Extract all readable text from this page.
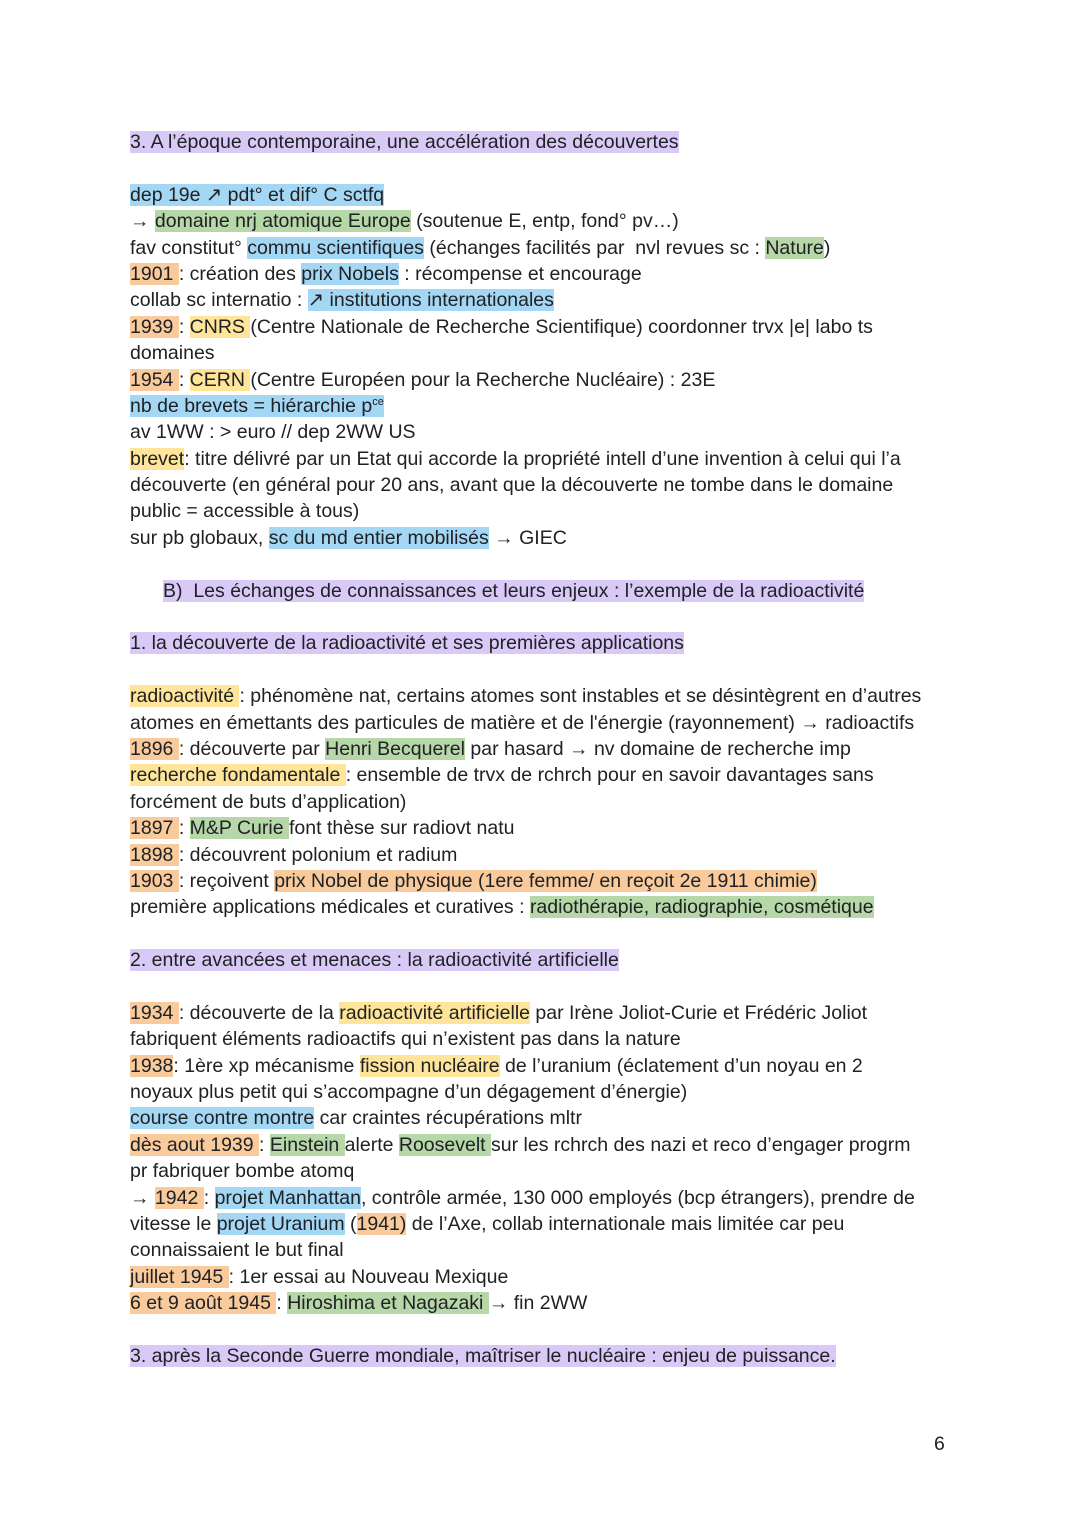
3. A l’époque contemporaine, une accélération des découvertes
dep 19e ↗ pdt° et dif° C sctfq
→ domaine nrj atomique Europe (soutenue E, entp, fond° pv…)
fav constitut° commu scientifiques (échanges facilités par  nvl revues sc : Nature)
1901 : création des prix Nobels : récompense et encourage
collab sc internatio : ↗ institutions internationales
1939 : CNRS (Centre Nationale de Recherche Scientifique) coordonner trvx |e| labo ts
domaines
1954 : CERN (Centre Européen pour la Recherche Nucléaire) : 23E
nb de brevets = hiérarchie $p^{ce}$
av 1WW : > euro // dep 2WW US
brevet: titre délivré par un Etat qui accorde la propriété intell d’une invention à celui qui l’a
découverte (en général pour 20 ans, avant que la découverte ne tombe dans le domaine
public = accessible à tous)
sur pb globaux, sc du md entier mobilisés → GIEC
B)  Les échanges de connaissances et leurs enjeux : l’exemple de la radioactivité
1. la découverte de la radioactivité et ses premières applications
radioactivité : phénomène nat, certains atomes sont instables et se désintègrent en d’autres
atomes en émettants des particules de matière et de l'énergie (rayonnement) → radioactifs
1896 : découverte par Henri Becquerel par hasard → nv domaine de recherche imp
recherche fondamentale : ensemble de trvx de rchrch pour en savoir davantages sans
forcément de buts d’application)
1897 : M&P Curie font thèse sur radiovt natu
1898 : découvrent polonium et radium
1903 : reçoivent prix Nobel de physique (1ere femme/ en reçoit 2e 1911 chimie)
première applications médicales et curatives : radiothérapie, radiographie, cosmétique
2. entre avancées et menaces : la radioactivité artificielle
1934 : découverte de la radioactivité artificielle par Irène Joliot-Curie et Frédéric Joliot
fabriquent éléments radioactifs qui n’existent pas dans la nature
1938: 1ère xp mécanisme fission nucléaire de l’uranium (éclatement d’un noyau en 2
noyaux plus petit qui s’accompagne d’un dégagement d’énergie)
course contre montre car craintes récupérations mltr
dès aout 1939 : Einstein alerte Roosevelt sur les rchrch des nazi et reco d’engager progrm
pr fabriquer bombe atomq
→ 1942 : projet Manhattan, contrôle armée, 130 000 employés (bcp étrangers), prendre de
vitesse le projet Uranium (1941) de l’Axe, collab internationale mais limitée car peu
connaissaient le but final
juillet 1945 : 1er essai au Nouveau Mexique
6 et 9 août 1945 : Hiroshima et Nagazaki → fin 2WW
3. après la Seconde Guerre mondiale, maîtriser le nucléaire : enjeu de puissance.
6
